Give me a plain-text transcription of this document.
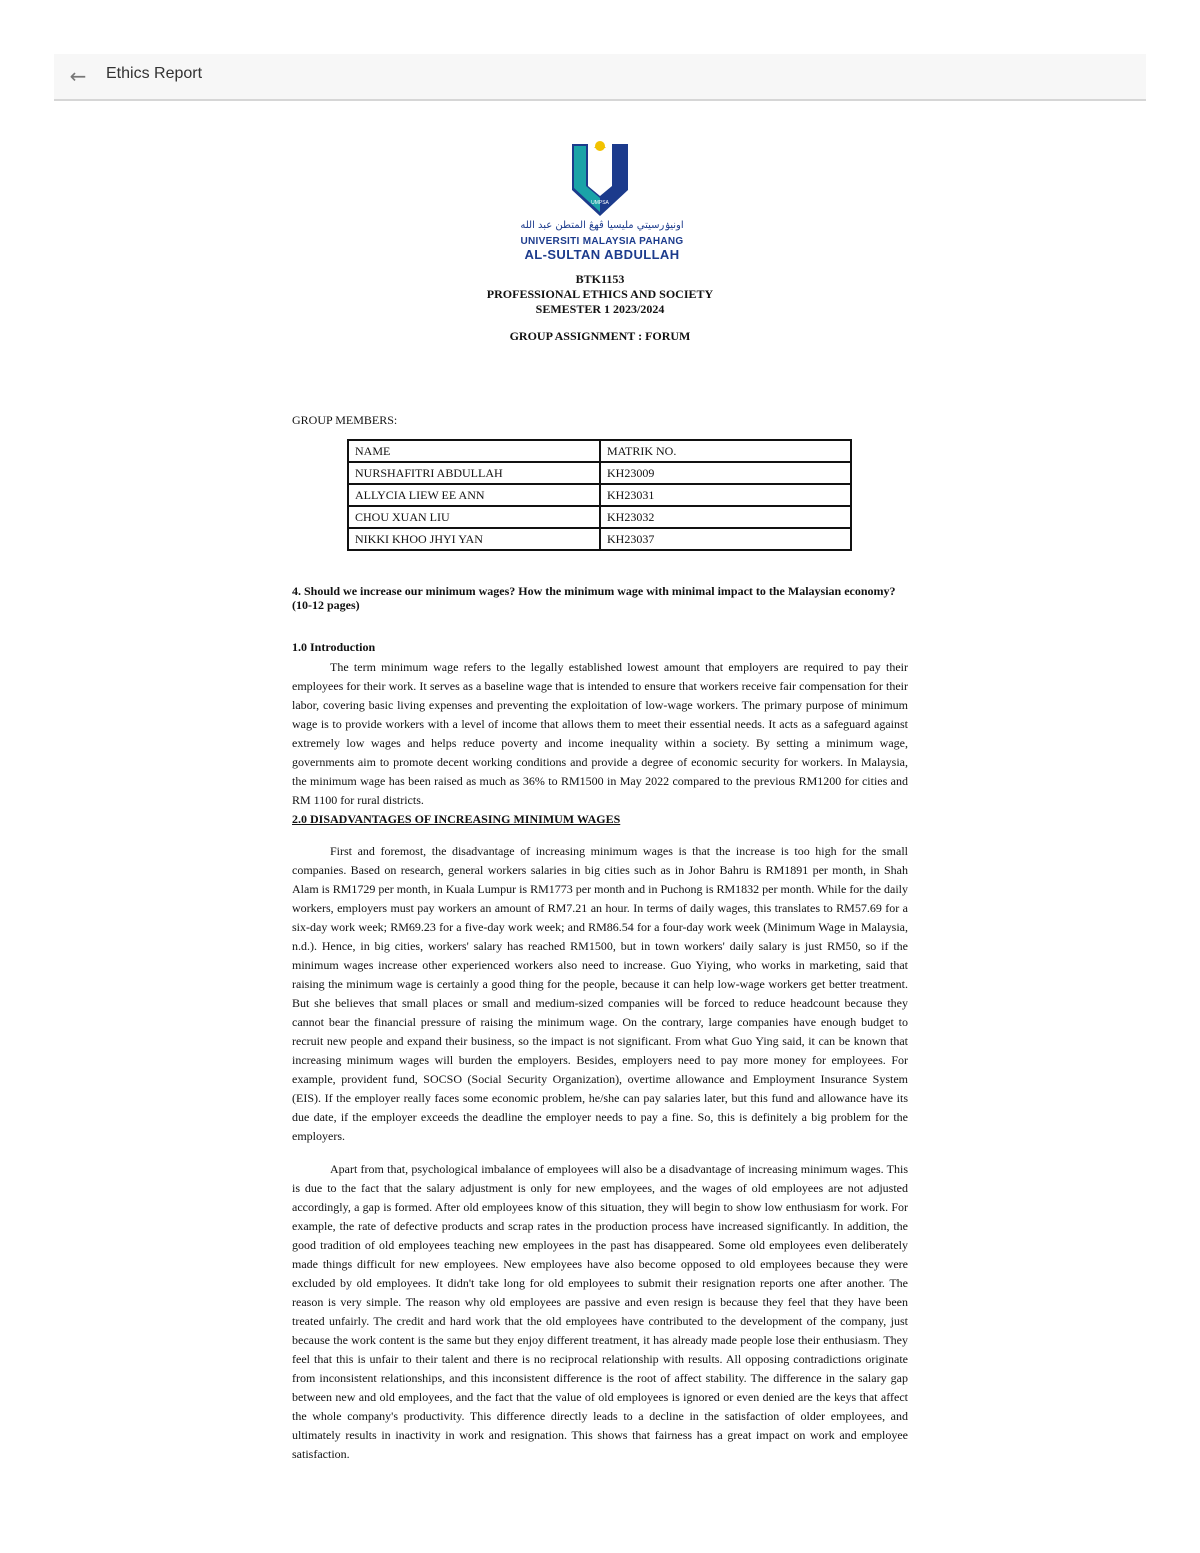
← Ethics Report
UMPSA
اونيۏرسيتي مليسيا ڤهڠ المتطن عبد الله
UNIVERSITI MALAYSIA PAHANG
AL-SULTAN ABDULLAH
BTK1153
PROFESSIONAL ETHICS AND SOCIETY
SEMESTER 1 2023/2024
GROUP ASSIGNMENT : FORUM
GROUP MEMBERS:
NAME	MATRIK NO.
NURSHAFITRI ABDULLAH	KH23009
ALLYCIA LIEW EE ANN	KH23031
CHOU XUAN LIU	KH23032
NIKKI KHOO JHYI YAN	KH23037
4. Should we increase our minimum wages? How the minimum wage with minimal impact to the Malaysian economy? (10-12 pages)
1.0 Introduction

The term minimum wage refers to the legally established lowest amount that employers are required to pay their employees for their work. It serves as a baseline wage that is intended to ensure that workers receive fair compensation for their labor, covering basic living expenses and preventing the exploitation of low-wage workers. The primary purpose of minimum wage is to provide workers with a level of income that allows them to meet their essential needs. It acts as a safeguard against extremely low wages and helps reduce poverty and income inequality within a society. By setting a minimum wage, governments aim to promote decent working conditions and provide a degree of economic security for workers. In Malaysia, the minimum wage has been raised as much as 36% to RM1500 in May 2022 compared to the previous RM1200 for cities and RM 1100 for rural districts.

2.0 DISADVANTAGES OF INCREASING MINIMUM WAGES

First and foremost, the disadvantage of increasing minimum wages is that the increase is too high for the small companies. Based on research, general workers salaries in big cities such as in Johor Bahru is RM1891 per month, in Shah Alam is RM1729 per month, in Kuala Lumpur is RM1773 per month and in Puchong is RM1832 per month. While for the daily workers, employers must pay workers an amount of RM7.21 an hour. In terms of daily wages, this translates to RM57.69 for a six-day work week; RM69.23 for a five-day work week; and RM86.54 for a four-day work week (Minimum Wage in Malaysia, n.d.). Hence, in big cities, workers' salary has reached RM1500, but in town workers' daily salary is just RM50, so if the minimum wages increase other experienced workers also need to increase. Guo Yiying, who works in marketing, said that raising the minimum wage is certainly a good thing for the people, because it can help low-wage workers get better treatment. But she believes that small places or small and medium-sized companies will be forced to reduce headcount because they cannot bear the financial pressure of raising the minimum wage. On the contrary, large companies have enough budget to recruit new people and expand their business, so the impact is not significant. From what Guo Ying said, it can be known that increasing minimum wages will burden the employers. Besides, employers need to pay more money for employees. For example, provident fund, SOCSO (Social Security Organization), overtime allowance and Employment Insurance System (EIS). If the employer really faces some economic problem, he/she can pay salaries later, but this fund and allowance have its due date, if the employer exceeds the deadline the employer needs to pay a fine. So, this is definitely a big problem for the employers.

Apart from that, psychological imbalance of employees will also be a disadvantage of increasing minimum wages. This is due to the fact that the salary adjustment is only for new employees, and the wages of old employees are not adjusted accordingly, a gap is formed. After old employees know of this situation, they will begin to show low enthusiasm for work. For example, the rate of defective products and scrap rates in the production process have increased significantly. In addition, the good tradition of old employees teaching new employees in the past has disappeared. Some old employees even deliberately made things difficult for new employees. New employees have also become opposed to old employees because they were excluded by old employees. It didn't take long for old employees to submit their resignation reports one after another. The reason is very simple. The reason why old employees are passive and even resign is because they feel that they have been treated unfairly. The credit and hard work that the old employees have contributed to the development of the company, just because the work content is the same but they enjoy different treatment, it has already made people lose their enthusiasm. They feel that this is unfair to their talent and there is no reciprocal relationship with results. All opposing contradictions originate from inconsistent relationships, and this inconsistent difference is the root of affect stability. The difference in the salary gap between new and old employees, and the fact that the value of old employees is ignored or even denied are the keys that affect the whole company's productivity. This difference directly leads to a decline in the satisfaction of older employees, and ultimately results in inactivity in work and resignation. This shows that fairness has a great impact on work and employee satisfaction.
